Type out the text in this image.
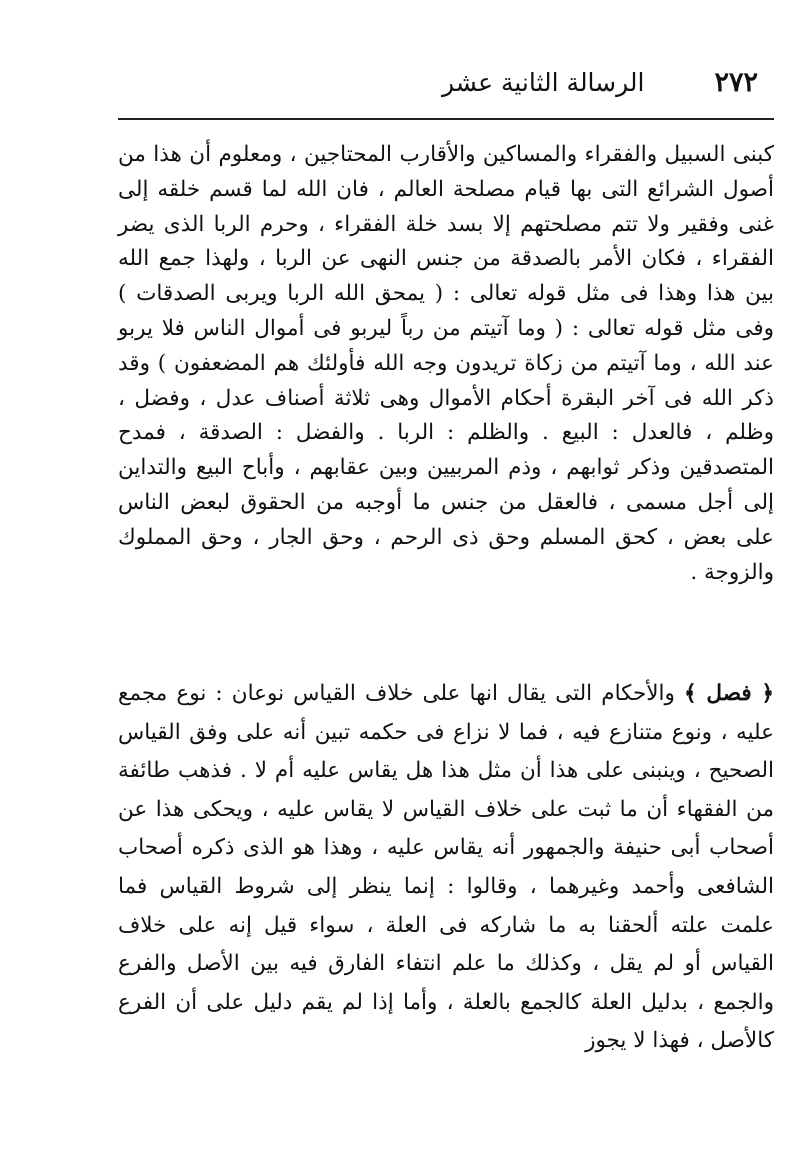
٢٧٢
الرسالة الثانية عشر

كبنى السبيل والفقراء والمساكين والأقارب المحتاجين ، ومعلوم أن هذا من أصول الشرائع التى بها قيام مصلحة العالم ، فان الله لما قسم خلقه إلى غنى وفقير ولا تتم مصلحتهم إلا بسد خلة الفقراء ، وحرم الربا الذى يضر الفقراء ، فكان الأمر بالصدقة من جنس النهى عن الربا ، ولهذا جمع الله بين هذا وهذا فى مثل قوله تعالى : ( يمحق الله الربا ويربى الصدقات ) وفى مثل قوله تعالى : ( وما آتيتم من رباً ليربو فى أموال الناس فلا يربو عند الله ، وما آتيتم من زكاة تريدون وجه الله فأولئك هم المضعفون ) وقد ذكر الله فى آخر البقرة أحكام الأموال وهى ثلاثة أصناف عدل ، وفضل ، وظلم ، فالعدل : البيع . والظلم : الربا . والفضل : الصدقة ، فمدح المتصدقين وذكر ثوابهم ، وذم المربيين وبين عقابهم ، وأباح البيع والتداين إلى أجل مسمى ، فالعقل من جنس ما أوجبه من الحقوق لبعض الناس على بعض ، كحق المسلم وحق ذى الرحم ، وحق الجار ، وحق المملوك والزوجة .

﴿ فصل ﴾ والأحكام التى يقال انها على خلاف القياس نوعان : نوع مجمع عليه ، ونوع متنازع فيه ، فما لا نزاع فى حكمه تبين أنه على وفق القياس الصحيح ، وينبنى على هذا أن مثل هذا هل يقاس عليه أم لا . فذهب طائفة من الفقهاء أن ما ثبت على خلاف القياس لا يقاس عليه ، ويحكى هذا عن أصحاب أبى حنيفة والجمهور أنه يقاس عليه ، وهذا هو الذى ذكره أصحاب الشافعى وأحمد وغيرهما ، وقالوا : إنما ينظر إلى شروط القياس فما علمت علته ألحقنا به ما شاركه فى العلة ، سواء قيل إنه على خلاف القياس أو لم يقل ، وكذلك ما علم انتفاء الفارق فيه بين الأصل والفرع والجمع ، بدليل العلة كالجمع بالعلة ، وأما إذا لم يقم دليل على أن الفرع كالأصل ، فهذا لا يجوز
